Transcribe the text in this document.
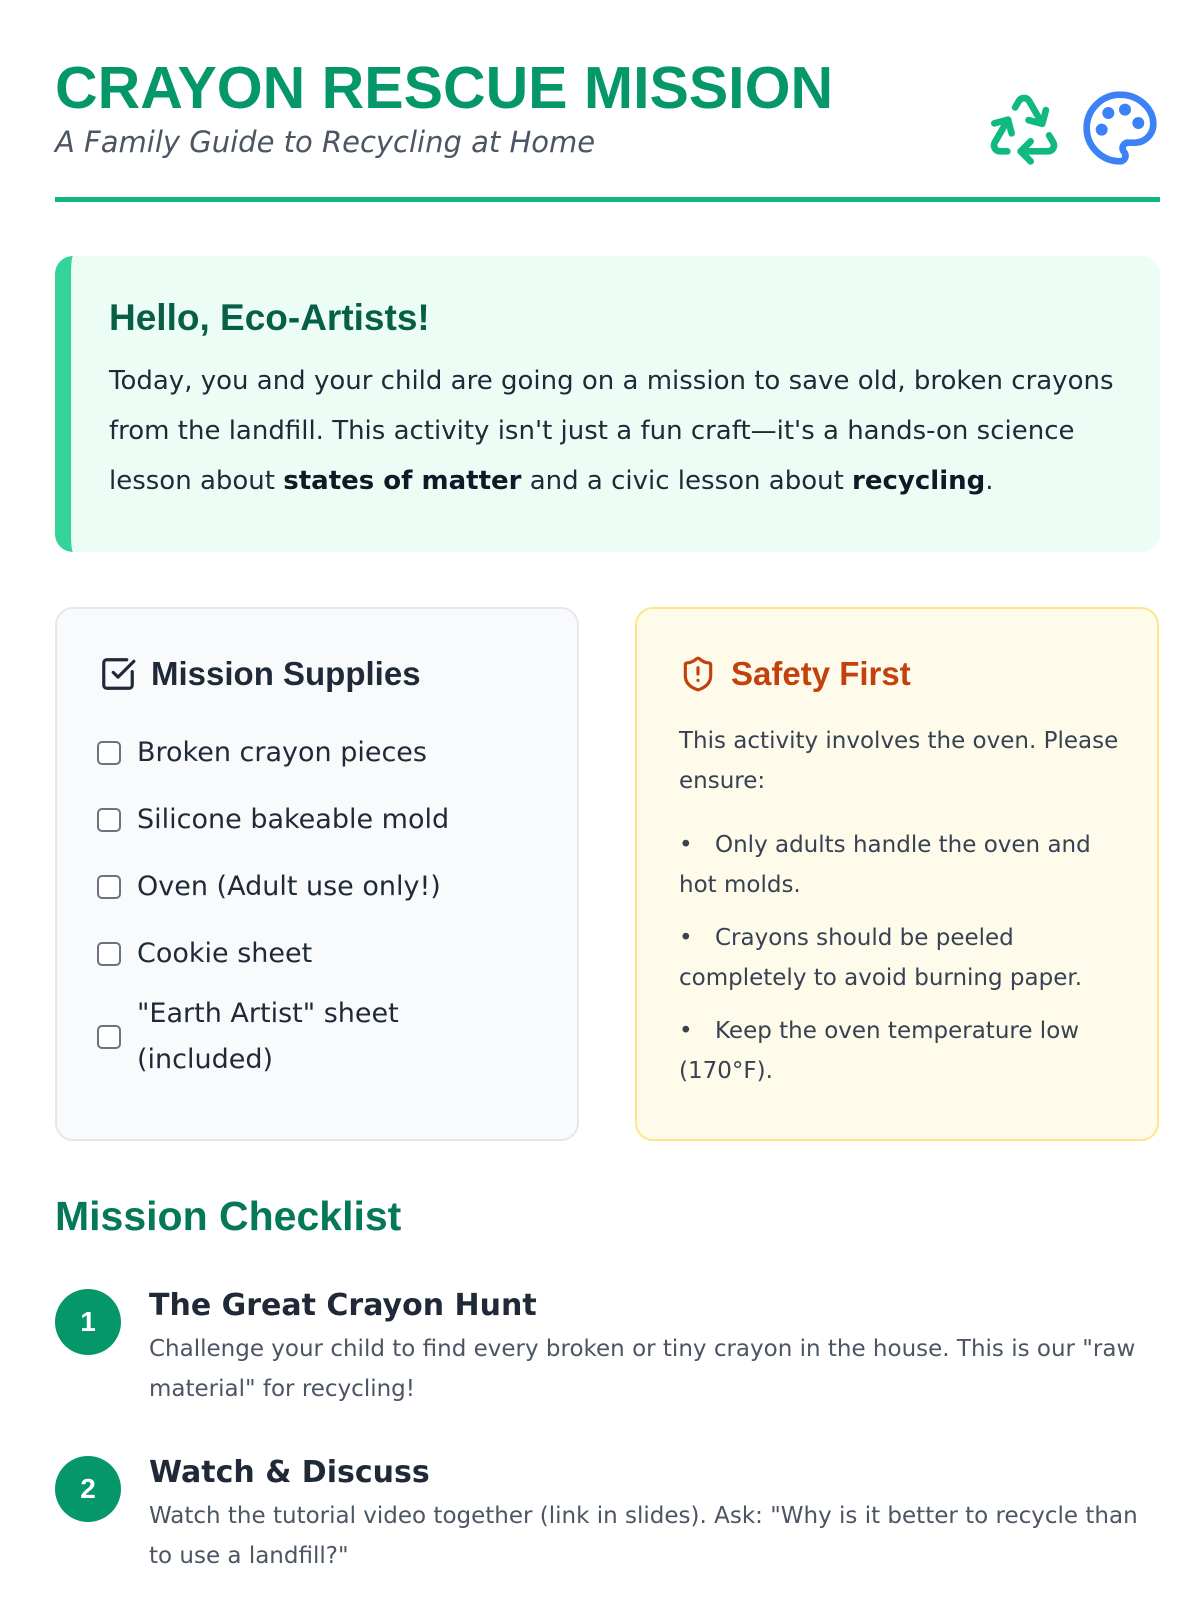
CRAYON RESCUE MISSION

A Family Guide to Recycling at Home

Hello, Eco-Artists!

Today, you and your child are going on a mission to save old, broken crayons from the landfill. This activity isn't just a fun craft—it's a hands-on science lesson about states of matter and a civic lesson about recycling.

Mission Supplies
Broken crayon pieces
Silicone bakeable mold
Oven (Adult use only!)
Cookie sheet
"Earth Artist" sheet (included)
Safety First

This activity involves the oven. Please ensure:

• Only adults handle the oven and hot molds.
• Crayons should be peeled completely to avoid burning paper.
• Keep the oven temperature low (170°F).
Mission Checklist
1	The Great Crayon Hunt

Challenge your child to find every broken or tiny crayon in the house. This is our "raw material" for recycling!

2	Watch & Discuss

Watch the tutorial video together (link in slides). Ask: "Why is it better to recycle than to use a landfill?"
